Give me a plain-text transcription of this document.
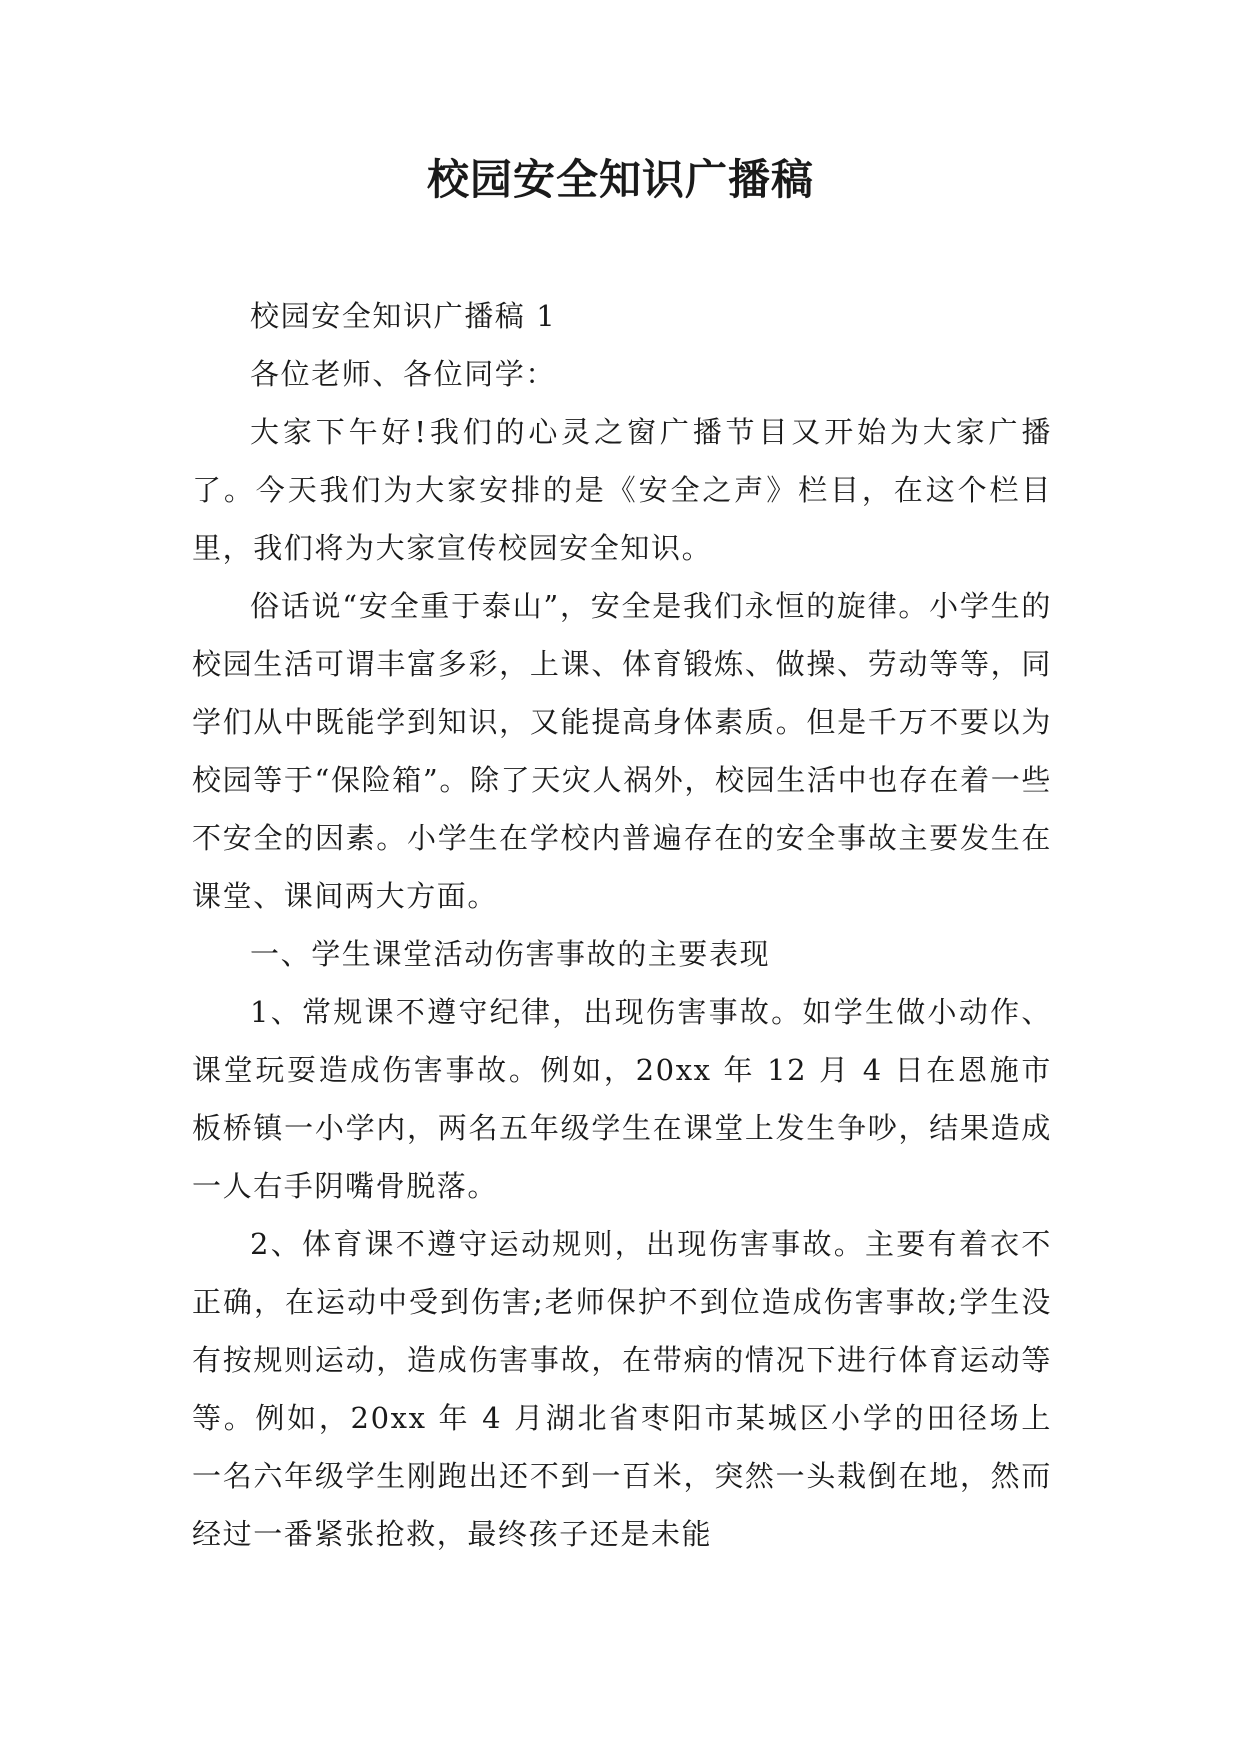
校园安全知识广播稿

校园安全知识广播稿 1

各位老师、各位同学：

大家下午好!我们的心灵之窗广播节目又开始为大家广播了。今天我们为大家安排的是《安全之声》栏目，在这个栏目里，我们将为大家宣传校园安全知识。

俗话说“安全重于泰山”，安全是我们永恒的旋律。小学生的校园生活可谓丰富多彩，上课、体育锻炼、做操、劳动等等，同学们从中既能学到知识，又能提高身体素质。但是千万不要以为校园等于“保险箱”。除了天灾人祸外，校园生活中也存在着一些不安全的因素。小学生在学校内普遍存在的安全事故主要发生在课堂、课间两大方面。

一、学生课堂活动伤害事故的主要表现

1、常规课不遵守纪律，出现伤害事故。如学生做小动作、课堂玩耍造成伤害事故。例如，20xx 年 12 月 4 日在恩施市板桥镇一小学内，两名五年级学生在课堂上发生争吵，结果造成一人右手阴嘴骨脱落。

2、体育课不遵守运动规则，出现伤害事故。主要有着衣不正确，在运动中受到伤害;老师保护不到位造成伤害事故;学生没有按规则运动，造成伤害事故，在带病的情况下进行体育运动等等。例如，20xx 年 4 月湖北省枣阳市某城区小学的田径场上一名六年级学生刚跑出还不到一百米，突然一头栽倒在地，然而经过一番紧张抢救，最终孩子还是未能
